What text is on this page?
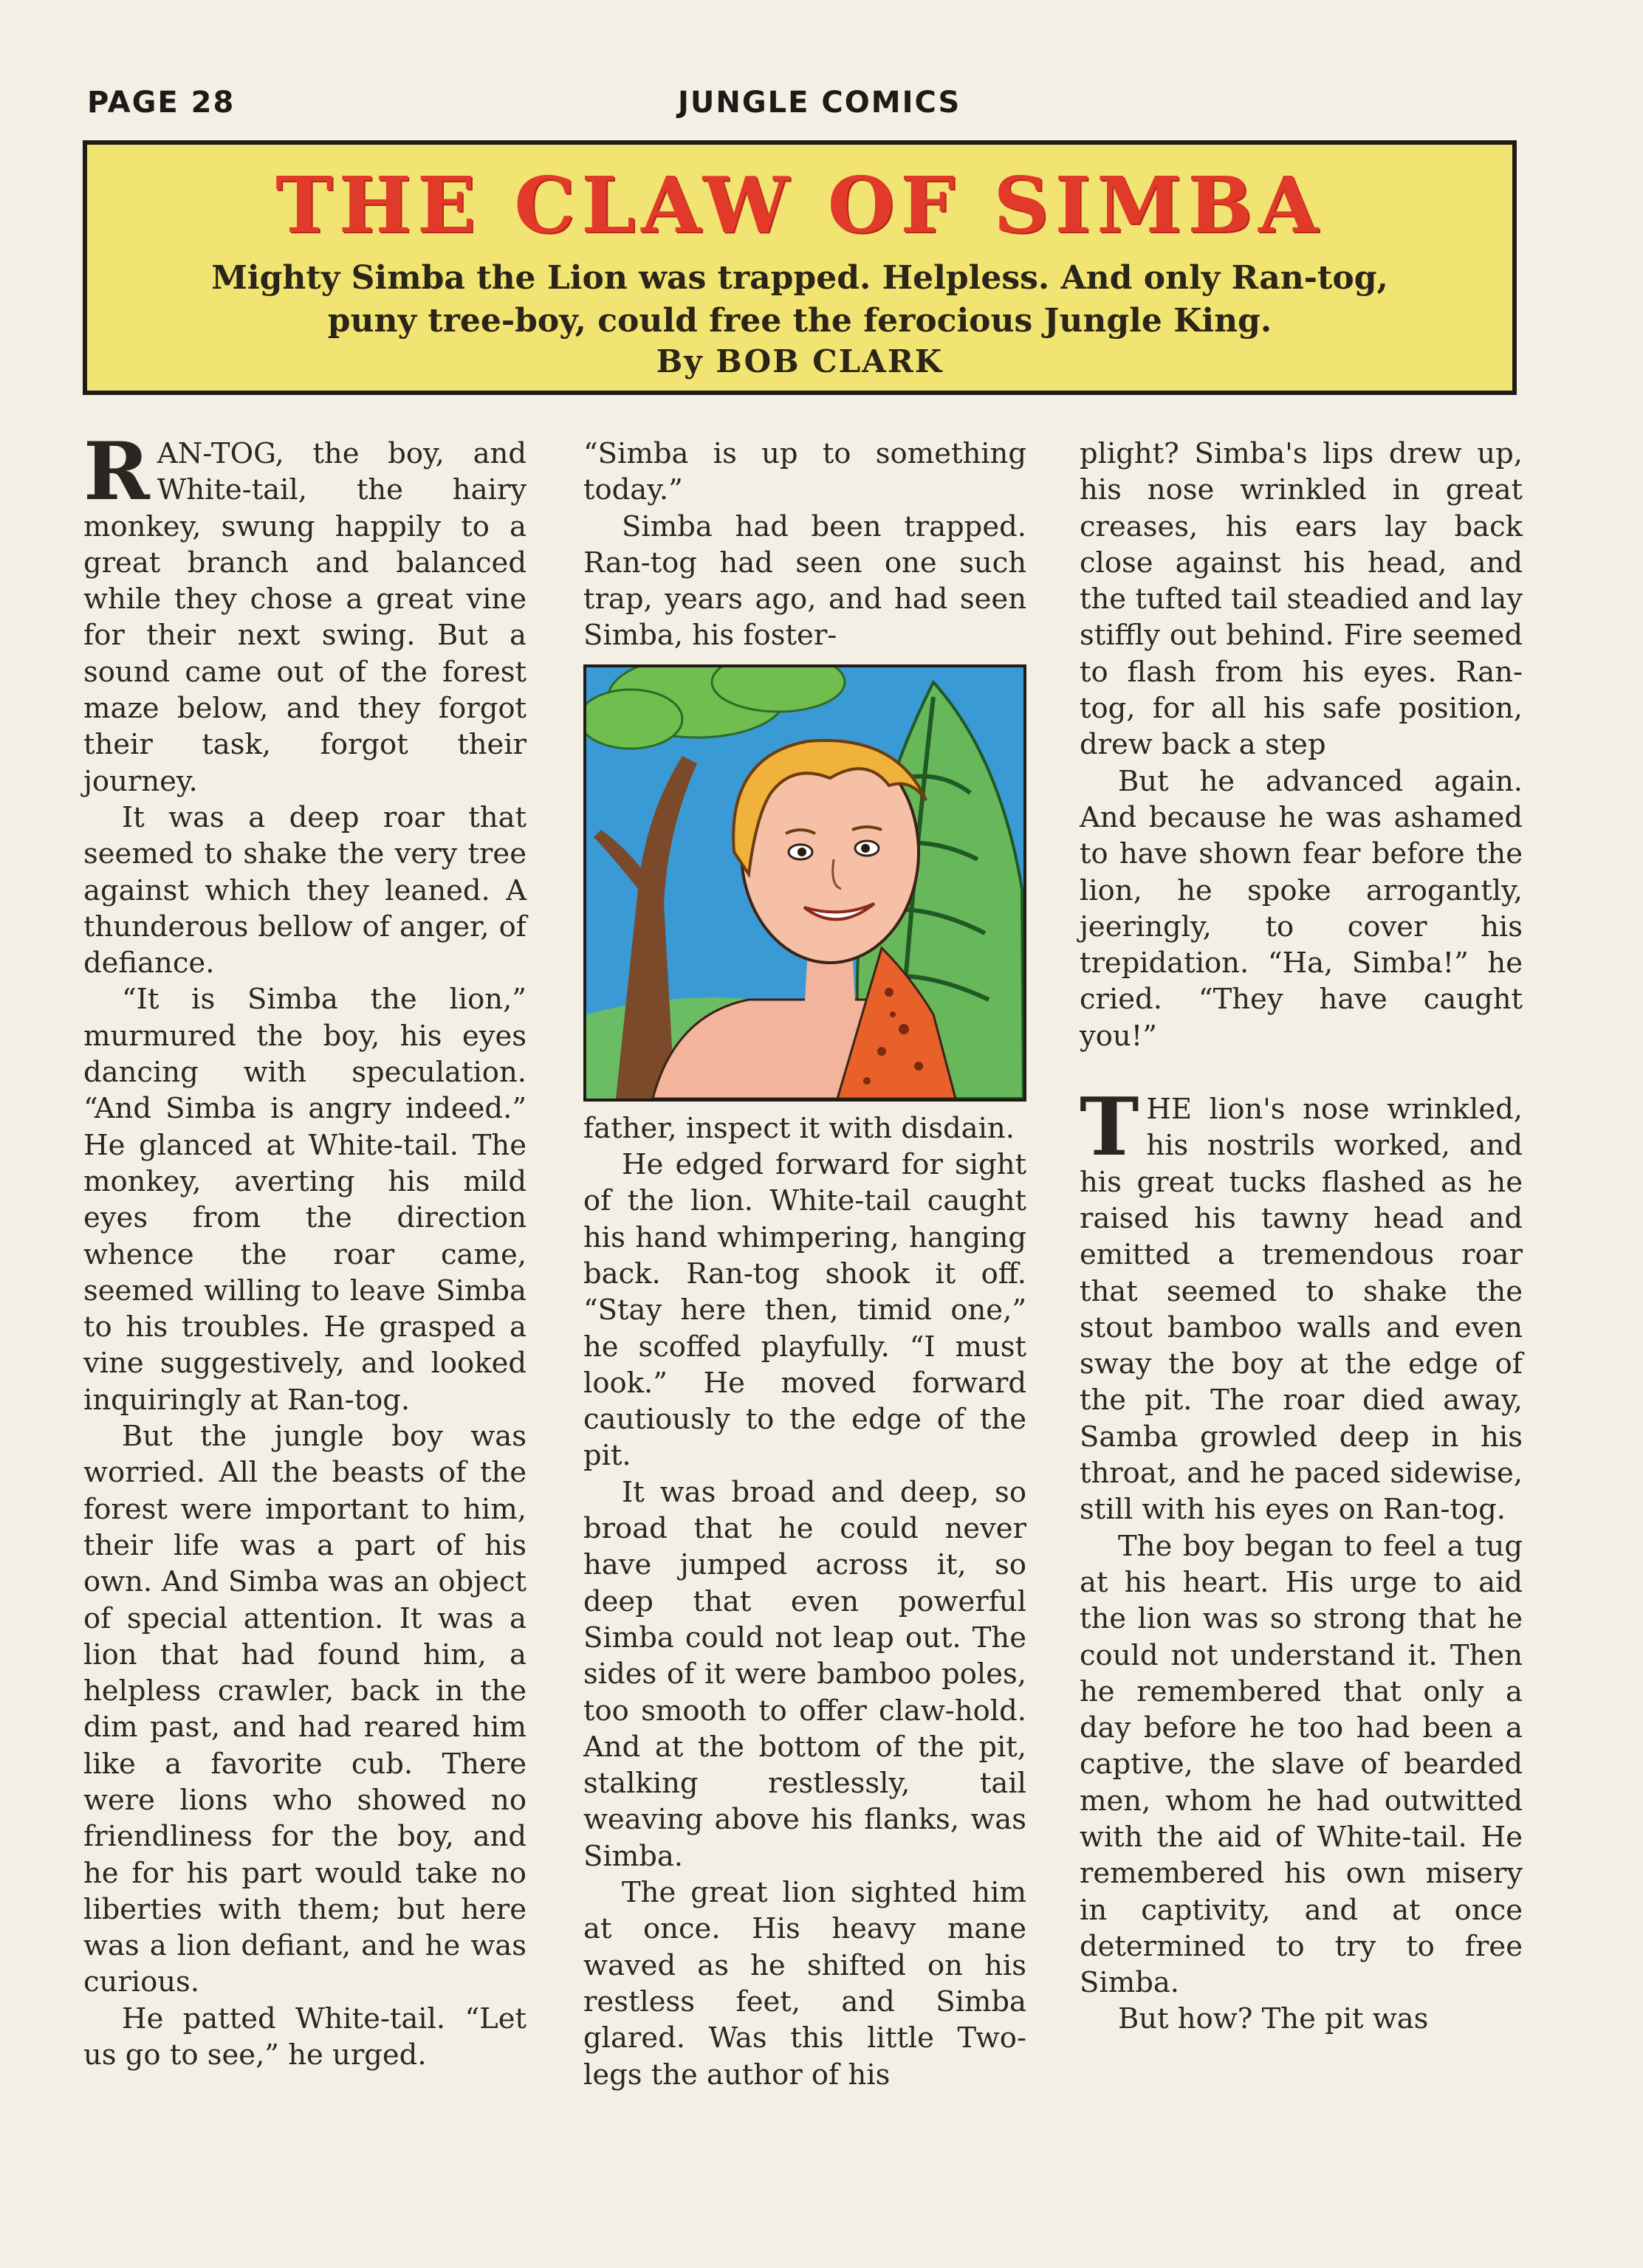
PAGE 28	JUNGLE COMICS
THE CLAW OF SIMBA
Mighty Simba the Lion was trapped. Helpless. And only Ran-tog,
puny tree-boy, could free the ferocious Jungle King.
By BOB CLARK

RAN-TOG, the boy, and White-tail, the hairy monkey, swung happily to a great branch and balanced while they chose a great vine for their next swing. But a sound came out of the forest maze below, and they forgot their task, forgot their journey.

It was a deep roar that seemed to shake the very tree against which they leaned. A thunderous bellow of anger, of defiance.

“It is Simba the lion,” murmured the boy, his eyes dancing with speculation. “And Simba is angry indeed.” He glanced at White-tail. The monkey, averting his mild eyes from the direction whence the roar came, seemed willing to leave Simba to his troubles. He grasped a vine suggestively, and looked inquiringly at Ran-tog.

But the jungle boy was worried. All the beasts of the forest were important to him, their life was a part of his own. And Simba was an object of special attention. It was a lion that had found him, a helpless crawler, back in the dim past, and had reared him like a favorite cub. There were lions who showed no friendliness for the boy, and he for his part would take no liberties with them; but here was a lion defiant, and he was curious.

He patted White-tail. “Let us go to see,” he urged.

“Simba is up to something today.”

Simba had been trapped. Ran-tog had seen one such trap, years ago, and had seen Simba, his foster-

father, inspect it with disdain.

He edged forward for sight of the lion. White-tail caught his hand whimpering, hanging back. Ran-tog shook it off. “Stay here then, timid one,” he scoffed playfully. “I must look.” He moved forward cautiously to the edge of the pit.

It was broad and deep, so broad that he could never have jumped across it, so deep that even powerful Simba could not leap out. The sides of it were bamboo poles, too smooth to offer claw-hold. And at the bottom of the pit, stalking restlessly, tail weaving above his flanks, was Simba.

The great lion sighted him at once. His heavy mane waved as he shifted on his restless feet, and Simba glared. Was this little Two-legs the author of his

plight? Simba's lips drew up, his nose wrinkled in great creases, his ears lay back close against his head, and the tufted tail steadied and lay stiffly out behind. Fire seemed to flash from his eyes. Ran-tog, for all his safe position, drew back a step

But he advanced again. And because he was ashamed to have shown fear before the lion, he spoke arrogantly, jeeringly, to cover his trepidation. “Ha, Simba!” he cried. “They have caught you!”

THE lion's nose wrinkled, his nostrils worked, and his great tucks flashed as he raised his tawny head and emitted a tremendous roar that seemed to shake the stout bamboo walls and even sway the boy at the edge of the pit. The roar died away, Samba growled deep in his throat, and he paced sidewise, still with his eyes on Ran-tog.

The boy began to feel a tug at his heart. His urge to aid the lion was so strong that he could not understand it. Then he remembered that only a day before he too had been a captive, the slave of bearded men, whom he had outwitted with the aid of White-tail. He remembered his own misery in captivity, and at once determined to try to free Simba.

But how? The pit was
